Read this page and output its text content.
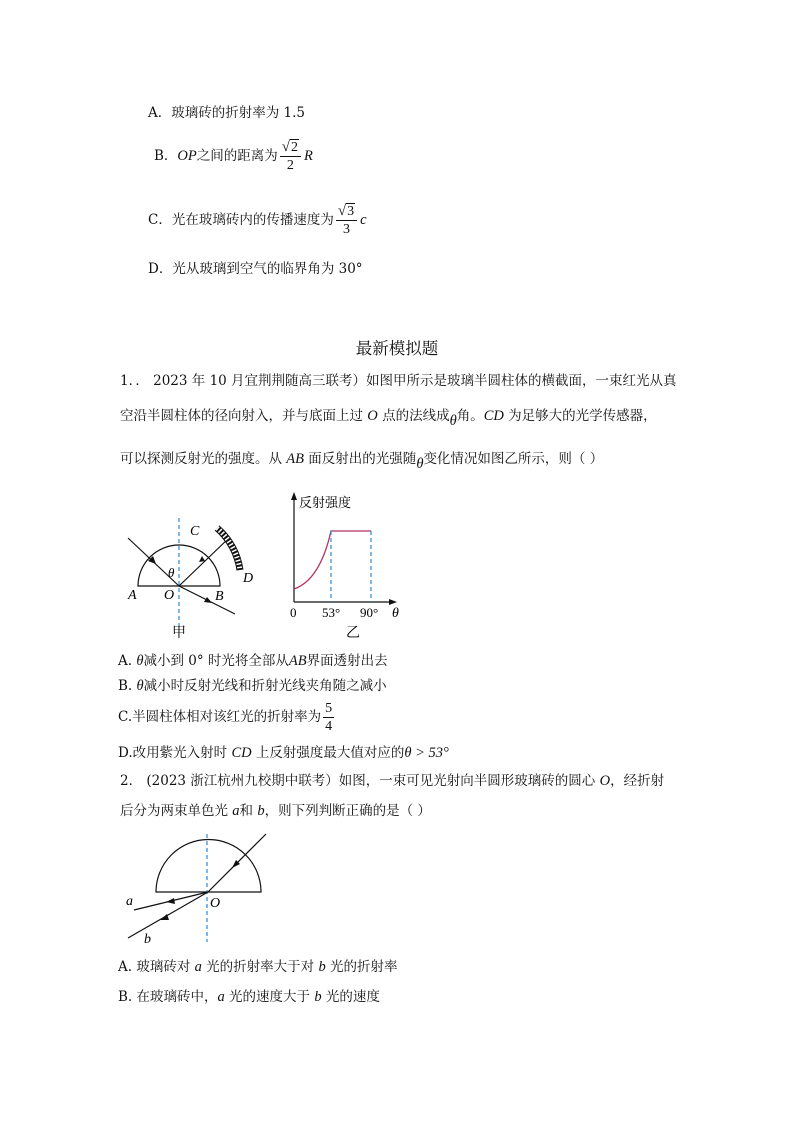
A．玻璃砖的折射率为 1.5
B．OP之间的距离为 $\frac{√2}{2}$ R
C．光在玻璃砖内的传播速度为 $\frac{√3}{3}$ c
D．光从玻璃到空气的临界角为 30°
最新模拟题
1．． 2023 年 10 月宜荆荆随高三联考）如图甲所示是玻璃半圆柱体的横截面，一束红光从真
空沿半圆柱体的径向射入，并与底面上过 O 点的法线成θ角。CD 为足够大的光学传感器，
可以探测反射光的强度。从 AB 面反射出的光强随θ变化情况如图乙所示，则（ ）
C
D
A O	B
θ
甲
反射强度
0 53° 90° θ
乙
A. θ减小到 0° 时光将全部从AB界面透射出去
B. θ减小时反射光线和折射光线夹角随之减小
C.半圆柱体相对该红光的折射率为 $\frac{5}{4}$
D.改用紫光入射时 CD 上反射强度最大值对应的θ > 53°
2． (2023 浙江杭州九校期中联考）如图，一束可见光射向半圆形玻璃砖的圆心 O，经折射
后分为两束单色光 a和 b，则下列判断正确的是（ ）
a
b
O
A. 玻璃砖对 a 光的折射率大于对 b 光的折射率
B. 在玻璃砖中，a 光的速度大于 b 光的速度
